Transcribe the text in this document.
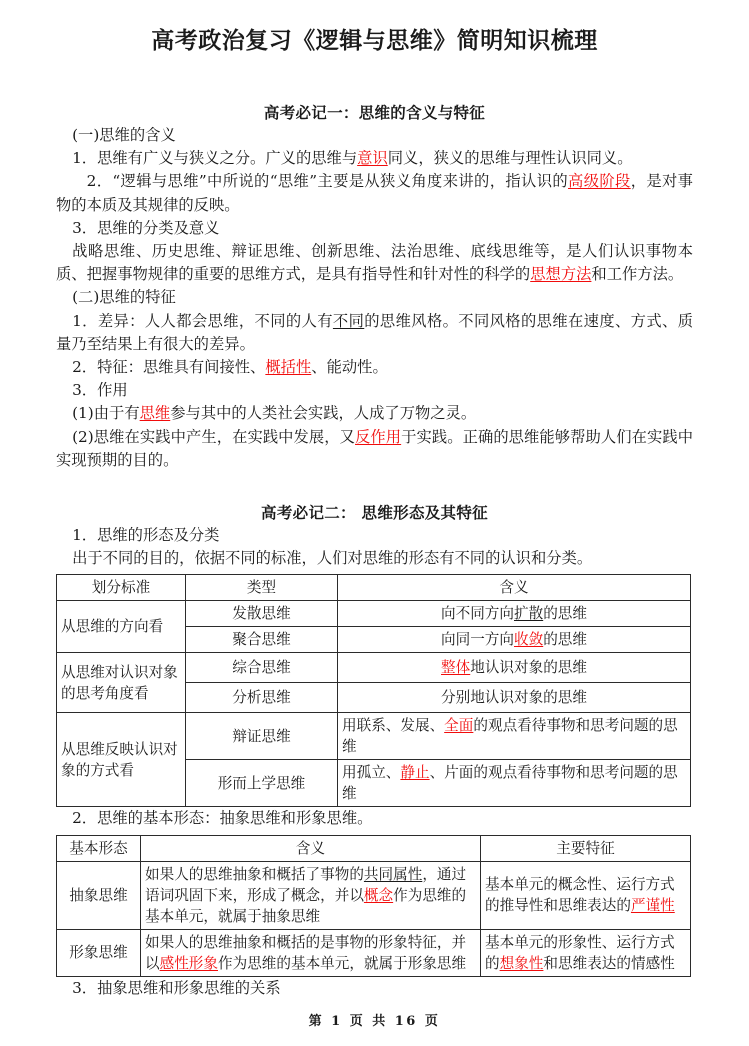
高考政治复习《逻辑与思维》简明知识梳理
高考必记一：思维的含义与特征

(一)思维的含义

1．思维有广义与狭义之分。广义的思维与意识同义，狭义的思维与理性认识同义。

2．“逻辑与思维”中所说的“思维”主要是从狭义角度来讲的，指认识的高级阶段，是对事物的本质及其规律的反映。

3．思维的分类及意义

战略思维、历史思维、辩证思维、创新思维、法治思维、底线思维等，是人们认识事物本质、把握事物规律的重要的思维方式，是具有指导性和针对性的科学的思想方法和工作方法。

(二)思维的特征

1．差异：人人都会思维，不同的人有不同的思维风格。不同风格的思维在速度、方式、质量乃至结果上有很大的差异。

2．特征：思维具有间接性、概括性、能动性。

3．作用

(1)由于有思维参与其中的人类社会实践，人成了万物之灵。

(2)思维在实践中产生，在实践中发展，又反作用于实践。正确的思维能够帮助人们在实践中实现预期的目的。

高考必记二： 思维形态及其特征

1．思维的形态及分类

出于不同的目的，依据不同的标准，人们对思维的形态有不同的认识和分类。

划分标准	类型	含义
从思维的方向看	发散思维	向不同方向扩散的思维
	聚合思维	向同一方向收敛的思维
从思维对认识对象的思考角度看	综合思维	整体地认识对象的思维
	分析思维	分别地认识对象的思维
从思维反映认识对象的方式看	辩证思维	用联系、发展、全面的观点看待事物和思考问题的思维
	形而上学思维	用孤立、静止、片面的观点看待事物和思考问题的思维

2．思维的基本形态：抽象思维和形象思维。

基本形态	含义	主要特征
抽象思维	如果人的思维抽象和概括了事物的共同属性，通过语词巩固下来，形成了概念，并以概念作为思维的基本单元，就属于抽象思维	基本单元的概念性、运行方式的推导性和思维表达的严谨性
形象思维	如果人的思维抽象和概括的是事物的形象特征，并以感性形象作为思维的基本单元，就属于形象思维	基本单元的形象性、运行方式的想象性和思维表达的情感性

3．抽象思维和形象思维的关系

第 1 页 共 16 页
